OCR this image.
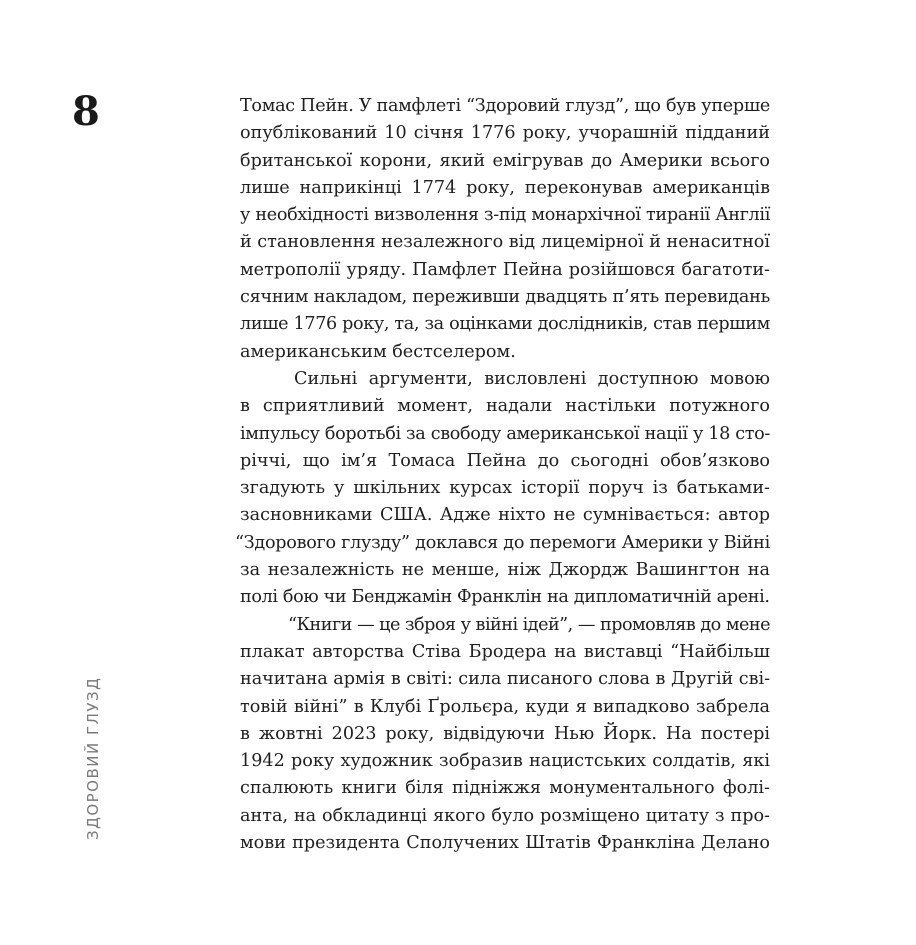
8
ЗДОРОВИЙ ГЛУЗД
Томас Пейн. У памфлеті “Здоровий глузд”, що був уперше
опублікований 10 січня 1776 року, учорашній підданий
британської корони, який емігрував до Америки всього
лише наприкінці 1774 року, переконував американців
у необхідності визволення з-під монархічної тиранії Англії
й становлення незалежного від лицемірної й ненаситної
метрополії уряду. Памфлет Пейна розійшовся багатоти-
сячним накладом, переживши двадцять п’ять перевидань
лише 1776 року, та, за оцінками дослідників, став першим
американським бестселером.
Сильні аргументи, висловлені доступною мовою
в сприятливий момент, надали настільки потужного
імпульсу боротьбі за свободу американської нації у 18 сто-
річчі, що ім’я Томаса Пейна до сьогодні обов’язково
згадують у шкільних курсах історії поруч із батьками-
засновниками США. Адже ніхто не сумнівається: автор
“Здорового глузду” доклався до перемоги Америки у Війні
за незалежність не менше, ніж Джордж Вашингтон на
полі бою чи Бенджамін Франклін на дипломатичній арені.
“Книги — це зброя у війні ідей”, — промовляв до мене
плакат авторства Стіва Бродера на виставці “Найбільш
начитана армія в світі: сила писаного слова в Другій сві-
товій війні” в Клубі Ґрольєра, куди я випадково забрела
в жовтні 2023 року, відвідуючи Нью Йорк. На постері
1942 року художник зобразив нацистських солдатів, які
спалюють книги біля підніжжя монументального фолі-
анта, на обкладинці якого було розміщено цитату з про-
мови президента Сполучених Штатів Франкліна Делано
